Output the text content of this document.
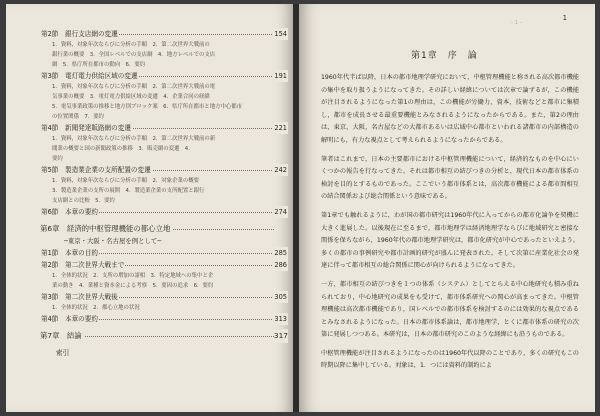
第2節　銀行支店網の変遷	154
1．資料，対象年次ならびに分析の手順　2．第二次世界大戦前の
銀行業の概要　3．全国レベルでの支店網　4．地方レベルでの支店
網　5．県庁所在都市の動向　6．要約
第3節　電灯電力供給区域の変遷	191
1．資料，対象年次ならびに分析の手順　2．第二次世界大戦前の電
気事業の概要　3．電灯電力供給区域の変遷　4．企業合同の経緯
5．電気事業政策の推移と地方別ブロック案　6．県庁所在都市と地方中心都市
の位置関係　7．要約
第4節　新聞発達販路網の変遷	221
1．資料，対象年次ならびに分析の手順　2．第二次世界大戦前の新
聞業の概要と国の新聞政策の推移　3．販売網の変遷　4．
要約
第5節　製造業企業の支所配置の変遷	242
1．資料，対象年次ならびに分析の手順　2．対象企業の概要
3．製造業企業の支所の展開　4．製造業企業の支所配置と銀行
支店網との比較　5．要約
第6節　本章の要約	274
第6章　経済的中枢管理機能の都心立地
─東京・大阪・名古屋を例として─
第1節　本章の目的	285
第2節　第二次世界大戦まで	286
1．全体的状況　2．支所の増加の諸相　3．特定地域への集中と企
業の動き　4．業種と資本金による考察　5．要因の追求　6．要約
第3節　第二次世界大戦後	305
1．全体的状況　2．都心立地の状況
第4節　本章の要約	313
第7章　結論	317
索引
- 1 -
1
第1章　序　論

1960年代半ば以降，日本の都市地理学研究において，中枢管理機能と称される高次都市機能の集中を取り扱うようになってきた。その詳しい経緯については次章で論ずるが，この機能が注目されるようになった第1の理由は，この機能が労働力，資本，技術などと都市に集積し，都市を成長させる最重要機能とみなされるようになったからである。また，第2の理由は，東京，大阪，名古屋などの大都市あるいは広域中心都市といわれる諸都市の内部構造の解明にも，有力な視点として考えられるようになったからである。

筆者はこれまで，日本の主要都市における中枢管理機能について，経済的なものを中心にいくつかの報告を行なってきた。それは都市相互の結びつきの分析と，現代日本の都市体系の検討を目的とするものであった。ここでいう都市体系とは，高次都市機能による都市間相互の結合関係および総合関係という意味である。

第1章でも触れるように，わが国の都市研究は1960年代に入ってからの都市化論争を契機に大きく進展した。以後現在に至るまで，都市地理学は経済地理学ならびに地域研究と密接な関係を保ちながら，1960年代の都市地理学研究は，都市化研究が中心であったといえよう。多くの都市の事例研究や都市計画的研究が盛んに発表された。そして次第に産業化社会の発達に伴って都市相互の総合関係に関心が向けられるようになってきた。

一方，都市相互の結びつきを１つの体系（システム）としてとらえる中心地研究も積み重ねられており，中心地研究の成果をも受けて，都市体系研究への関心が高まってきた。中枢管理機能は高次都市機能であり，国レベルでの都市体系を検討するのには効果的な視点であるとみなされるようになった。日本の都市体系論は，都市地理学，とくに都市体系の研究の次第に発展しつつある。本研究は，日本の都市研究のこのような経緯にも沿うものである。

中枢管理機能が注目されるようになったのは1960年代以降のことであり，多くの研究もこの時期以降に集中している。対象は，1．つには資料的制約によ
